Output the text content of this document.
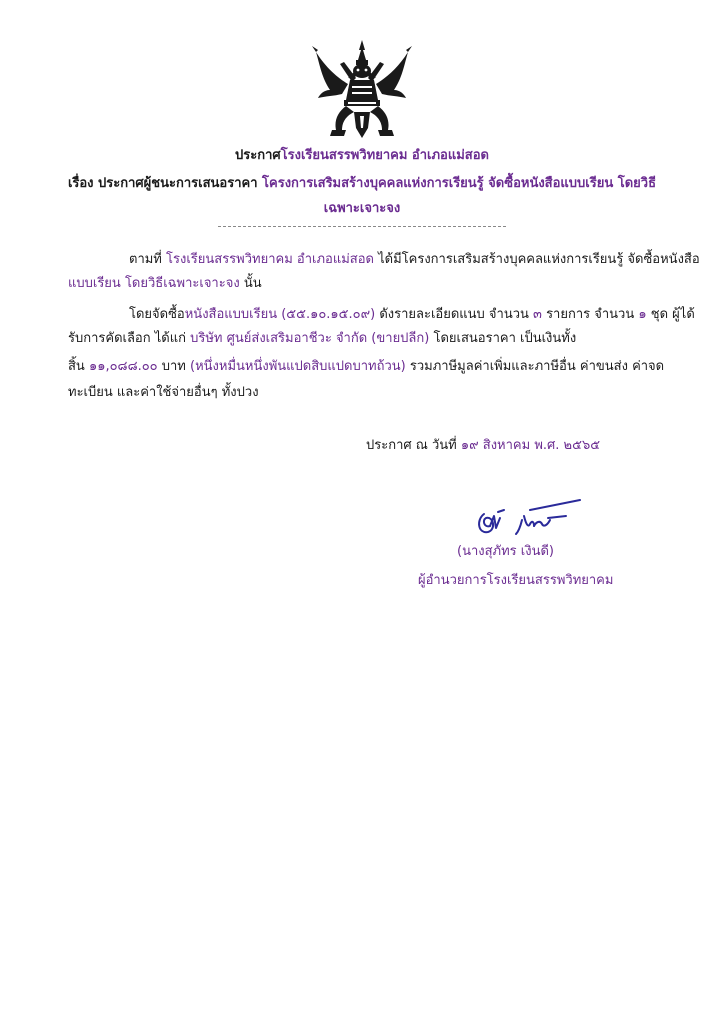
ประกาศโรงเรียนสรรพวิทยาคม อำเภอแม่สอด
เรื่อง ประกาศผู้ชนะการเสนอราคา โครงการเสริมสร้างบุคคลแห่งการเรียนรู้ จัดซื้อหนังสือแบบเรียน โดยวิธี
เฉพาะเจาะจง
ตามที่ โรงเรียนสรรพวิทยาคม อำเภอแม่สอด ได้มีโครงการเสริมสร้างบุคคลแห่งการเรียนรู้ จัดซื้อหนังสือ
แบบเรียน โดยวิธีเฉพาะเจาะจง นั้น
โดยจัดซื้อหนังสือแบบเรียน (๕๕.๑๐.๑๕.๐๙) ดังรายละเอียดแนบ จำนวน ๓ รายการ จำนวน ๑ ชุด ผู้ได้
รับการคัดเลือก ได้แก่ บริษัท ศูนย์ส่งเสริมอาชีวะ จำกัด (ขายปลีก) โดยเสนอราคา เป็นเงินทั้ง
สิ้น ๑๑,๐๘๘.๐๐ บาท (หนึ่งหมื่นหนึ่งพันแปดสิบแปดบาทถ้วน) รวมภาษีมูลค่าเพิ่มและภาษีอื่น ค่าขนส่ง ค่าจด
ทะเบียน และค่าใช้จ่ายอื่นๆ ทั้งปวง
ประกาศ ณ วันที่ ๑๙ สิงหาคม พ.ศ. ๒๕๖๕
(นางสุภัทร เงินดี)
ผู้อำนวยการโรงเรียนสรรพวิทยาคม
